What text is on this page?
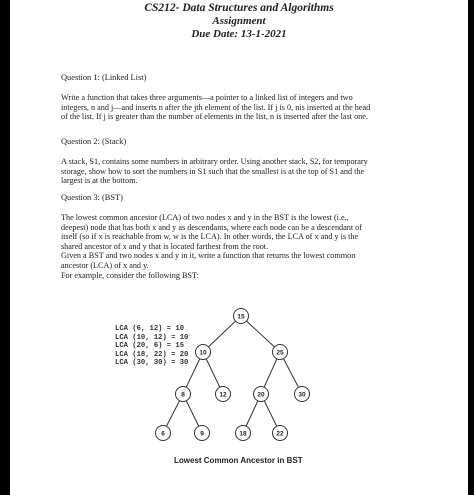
CS212- Data Structures and Algorithms
Assignment
Due Date: 13-1-2021
Question 1: (Linked List)
Write a function that takes three arguments—a pointer to a linked list of integers and two
integers, n and j—and inserts n after the jth element of the list. If j is 0, nis inserted at the head
of the list. If j is greater than the number of elements in the list, n is inserted after the last one.
Question 2: (Stack)
A stack, S1, contains some numbers in arbitrary order. Using another stack, S2, for temporary
storage, show how to sort the numbers in S1 such that the smallest is at the top of S1 and the
largest is at the bottom.
Question 3: (BST)
The lowest common ancestor (LCA) of two nodes x and y in the BST is the lowest (i.e.,
deepest) node that has both x and y as descendants, where each node can be a descendant of
itself (so if x is reachable from w, w is the LCA). In other words, the LCA of x and y is the
shared ancestor of x and y that is located farthest from the root.
Given a BST and two nodes x and y in it, write a function that returns the lowest common
ancestor (LCA) of x and y.
For example, consider the following BST:
LCA (6, 12) = 10
LCA (10, 12) = 10
LCA (20, 6) = 15
LCA (18, 22) = 20
LCA (30, 30) = 30
15
10	25
8	12	20	30
6	9	18	22
Lowest Common Ancestor in BST
